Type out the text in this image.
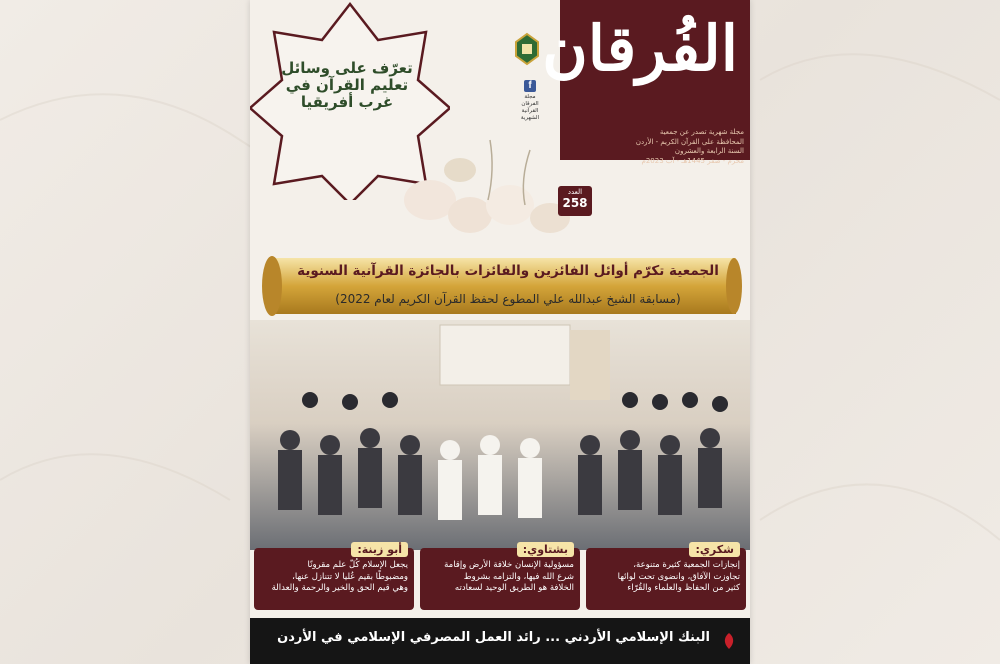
تعرّف على وسائل
تعليم القرآن في
غرب أفريقيا
الفُرقان
مجلة شهرية تصدر عن جمعية
المحافظة على القرآن الكريم - الأردن
السنة الرابعة والعشرون
محرم - صفر 1445هـ - آب 2023م
العدد
258
f
مجلة الفرقان
القرآنية الشهرية
الجمعية تكرّم أوائل الفائزين والفائزات بالجائزة القرآنية السنوية
(مسابقة الشيخ عبدالله علي المطوع لحفظ القرآن الكريم لعام 2022)
شكري:
إنجازات الجمعية كثيرة متنوعة،
تجاوزت الآفاق، وانضوى تحت لوائها
كثير من الحفاظ والعلماء والقُرّاء
بشتاوي:
مسؤولية الإنسان خلافة الأرض وإقامة
شرع الله فيها، والتزامه بشروط
الخلافة هو الطريق الوحيد لسعادته
أبو زينة:
يجعل الإسلام كُلّ علم مقرونًا
ومضبوطًا بقيم عُليا لا تتنازل عنها،
وهي قيم الحق والخير والرحمة والعدالة
البنك الإسلامي الأردني ... رائد العمل المصرفي الإسلامي في الأردن
